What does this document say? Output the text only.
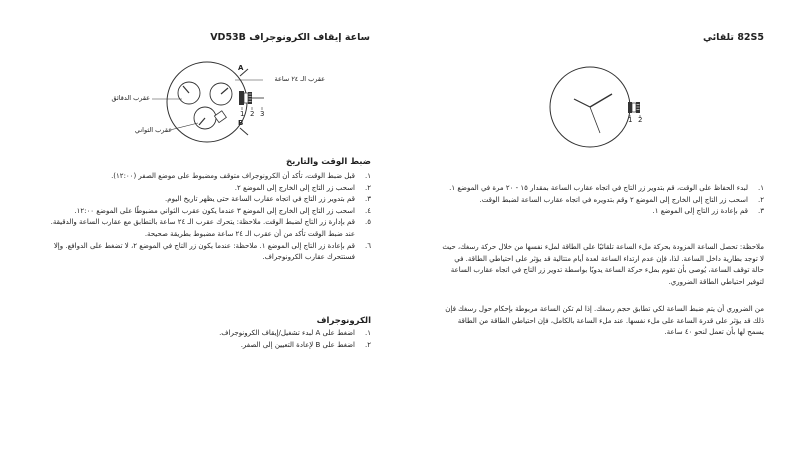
ساعة إيقاف الكرونوجراف VD53B
عقرب الـ ٢٤ ساعة
عقرب الدقائق
عقرب الثواني
A
B
1 2 3
ضبط الوقت والتاريخ
١.
قبل ضبط الوقت، تأكد أن الكرونوجراف متوقف ومضبوط على موضع الصفر (١٢:٠٠).
٢.
اسحب زر التاج إلى الخارج إلى الموضع ٢.
٣.
قم بتدوير زر التاج في اتجاه عقارب الساعة حتى يظهر تاريخ اليوم.
٤.
اسحب زر التاج إلى الخارج إلى الموضع ٣ عندما يكون عقرب الثواني مضبوطًا على الموضع ١٢:٠٠.
٥.
قم بإدارة زر التاج لضبط الوقت. ملاحظة: يتحرك عقرب الـ ٢٤ ساعة بالتطابق مع عقارب الساعة والدقيقة. عند ضبط الوقت تأكد من أن عقرب الـ ٢٤ ساعة مضبوط بطريقة صحيحة.
٦.
قم بإعادة زر التاج إلى الموضع ١. ملاحظة: عندما يكون زر التاج في الموضع ٢، لا تضغط على الدوافع. وإلا فستتحرك عقارب الكرونوجراف.
الكرونوجراف
١.
اضغط على A لبدء تشغيل/إيقاف الكرونوجراف.
٢.
اضغط على B لإعادة التعيين إلى الصفر.
82S5 تلقائي
1 2
١.
لبدء الحفاظ على الوقت، قم بتدوير زر التاج في اتجاه عقارب الساعة بمقدار ١٥ - ٢٠ مرة في الموضع ١.
٢.
اسحب زر التاج إلى الخارج إلى الموضع ٢ وقم بتدويره في اتجاه عقارب الساعة لضبط الوقت.
٣.
قم بإعادة زر التاج إلى الموضع ١.
ملاحظة: تحصل الساعة المزودة بحركة ملء الساعة تلقائيًا على الطاقة لملء نفسها من خلال حركة رسغك، حيث لا توجد بطارية داخل الساعة. لذا، فإن عدم ارتداء الساعة لعدة أيام متتالية قد يؤثر على احتياطي الطاقة. في حالة توقف الساعة، يُوصى بأن تقوم بملء حركة الساعة يدويًا بواسطة تدوير زر التاج في اتجاه عقارب الساعة لتوفير احتياطي الطاقة الضروري.
من الضروري أن يتم ضبط الساعة لكي تطابق حجم رسغك. إذا لم تكن الساعة مربوطة بإحكام حول رسغك فإن ذلك قد يؤثر على قدرة الساعة على ملء نفسها. عند ملء الساعة بالكامل، فإن احتياطي الطاقة من الطاقة يسمح لها بأن تعمل لنحو ٤٠ ساعة.
